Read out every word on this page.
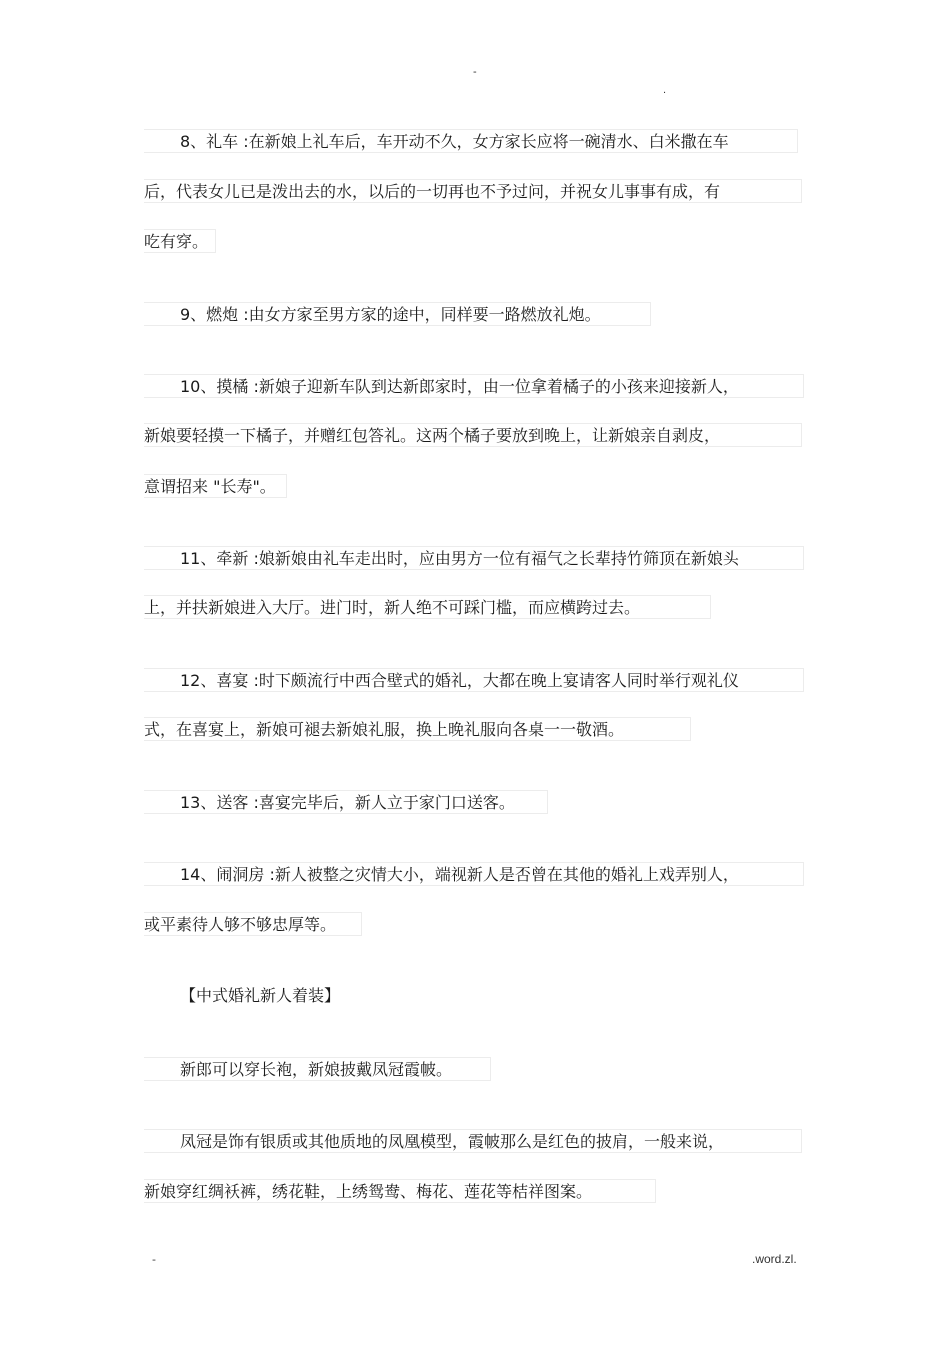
-
.
8、礼车 :在新娘上礼车后，车开动不久，女方家长应将一碗清水、白米撒在车
后，代表女儿已是泼出去的水，以后的一切再也不予过问，并祝女儿事事有成，有
吃有穿。
9、燃炮 :由女方家至男方家的途中，同样要一路燃放礼炮。
10、摸橘 :新娘子迎新车队到达新郎家时，由一位拿着橘子的小孩来迎接新人，
新娘要轻摸一下橘子，并赠红包答礼。这两个橘子要放到晚上，让新娘亲自剥皮，
意谓招来 "长寿"。
11、牵新 :娘新娘由礼车走出时，应由男方一位有福气之长辈持竹筛顶在新娘头
上，并扶新娘进入大厅。进门时，新人绝不可踩门槛，而应横跨过去。
12、喜宴 :时下颇流行中西合壁式的婚礼，大都在晚上宴请客人同时举行观礼仪
式，在喜宴上，新娘可褪去新娘礼服，换上晚礼服向各桌一一敬酒。
13、送客 :喜宴完毕后，新人立于家门口送客。
14、闹洞房 :新人被整之灾情大小，端视新人是否曾在其他的婚礼上戏弄别人，
或平素待人够不够忠厚等。
【中式婚礼新人着装】
新郎可以穿长袍，新娘披戴凤冠霞帔。
凤冠是饰有银质或其他质地的凤凰模型，霞帔那么是红色的披肩，一般来说，
新娘穿红绸袄裤，绣花鞋，上绣鸳鸯、梅花、莲花等桔祥图案。
-	.word.zl.
